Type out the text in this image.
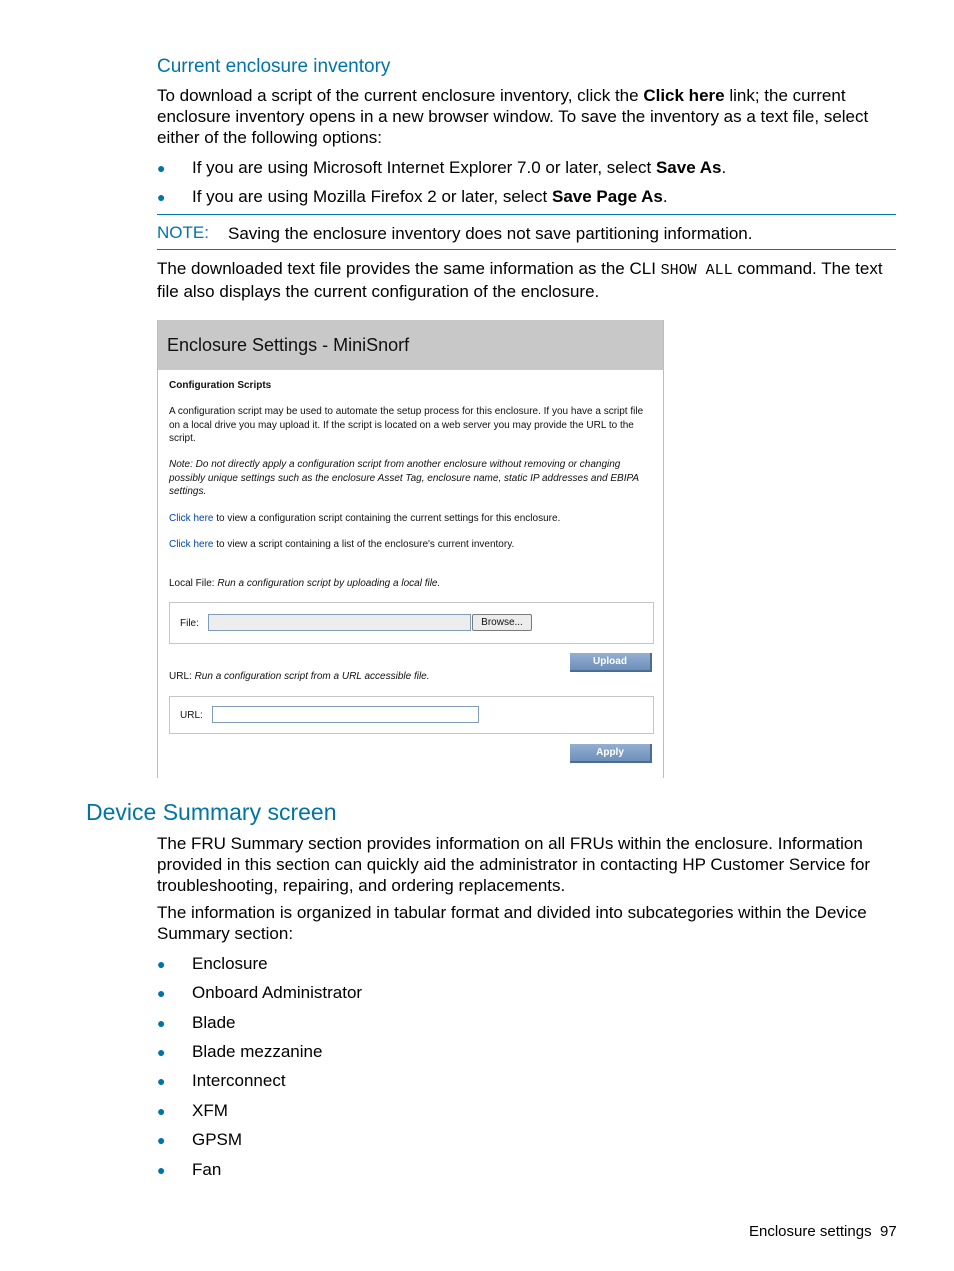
Current enclosure inventory
To download a script of the current enclosure inventory, click the Click here link; the current enclosure inventory opens in a new browser window. To save the inventory as a text file, select either of the following options:
● If you are using Microsoft Internet Explorer 7.0 or later, select Save As.
● If you are using Mozilla Firefox 2 or later, select Save Page As.
NOTE: Saving the enclosure inventory does not save partitioning information.
The downloaded text file provides the same information as the CLI SHOW ALL command. The text file also displays the current configuration of the enclosure.
Enclosure Settings - MiniSnorf
Configuration Scripts
A configuration script may be used to automate the setup process for this enclosure. If you have a script file on a local drive you may upload it. If the script is located on a web server you may provide the URL to the script.
Note: Do not directly apply a configuration script from another enclosure without removing or changing possibly unique settings such as the enclosure Asset Tag, enclosure name, static IP addresses and EBIPA settings.
Click here to view a configuration script containing the current settings for this enclosure.
Click here to view a script containing a list of the enclosure's current inventory.
Local File: Run a configuration script by uploading a local file.
File:	Browse...
Upload
URL: Run a configuration script from a URL accessible file.
URL:
Apply
Device Summary screen
The FRU Summary section provides information on all FRUs within the enclosure. Information provided in this section can quickly aid the administrator in contacting HP Customer Service for troubleshooting, repairing, and ordering replacements.
The information is organized in tabular format and divided into subcategories within the Device Summary section:
● Enclosure
● Onboard Administrator
● Blade
● Blade mezzanine
● Interconnect
● XFM
● GPSM
● Fan
Enclosure settings 97
